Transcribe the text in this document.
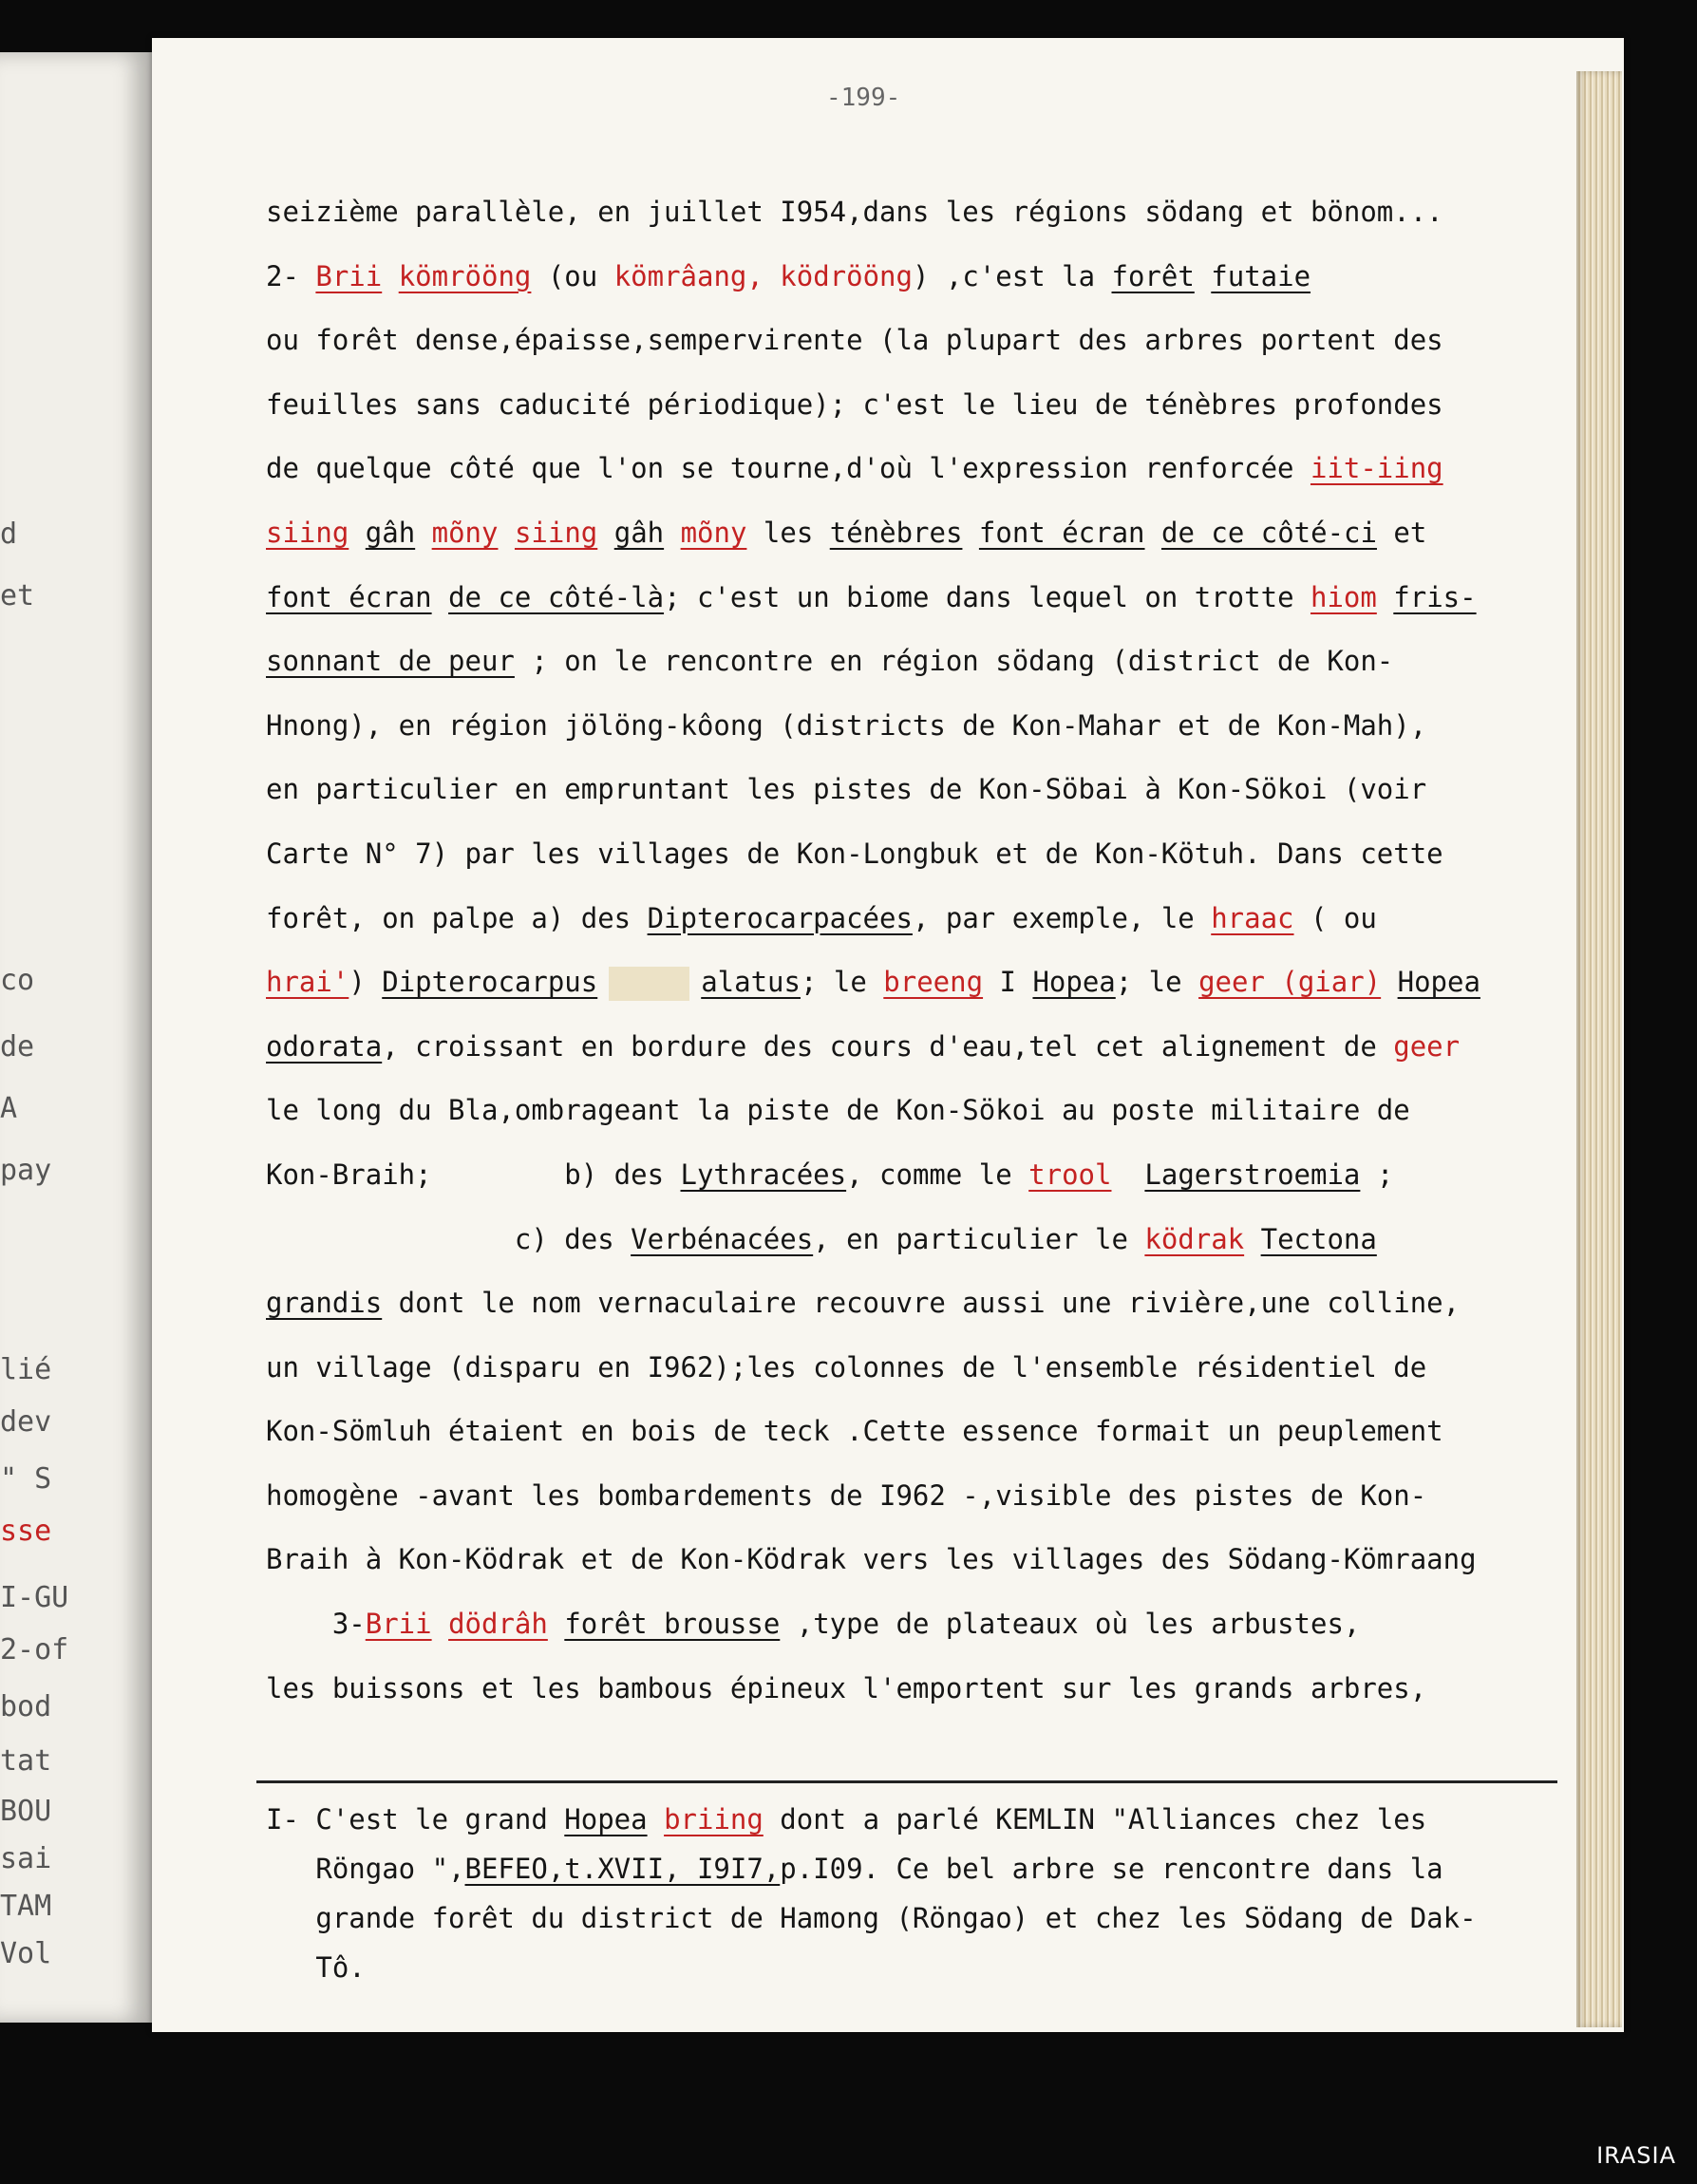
d
et
co
de
A
pay
lié
dev
" S
sse
I-GU
2-of
bod
tat
BOU
sai
TAM
Vol
-199-
seizième parallèle, en juillet I954,dans les régions södang et bönom...
2- Brii kömrööng (ou kömrâang, ködrööng) ,c'est la forêt futaie
ou forêt dense,épaisse,sempervirente (la plupart des arbres portent des
feuilles sans caducité périodique); c'est le lieu de ténèbres profondes
de quelque côté que l'on se tourne,d'où l'expression renforcée iit-iing
siing gâh mõny siing gâh mõny les ténèbres font écran de ce côté-ci et
font écran de ce côté-là; c'est un biome dans lequel on trotte hiom fris-
sonnant de peur ; on le rencontre en région södang (district de Kon-
Hnong), en région jölöng-kôong (districts de Kon-Mahar et de Kon-Mah),
en particulier en empruntant les pistes de Kon-Söbai à Kon-Sökoi (voir
Carte N° 7) par les villages de Kon-Longbuk et de Kon-Kötuh. Dans cette
forêt, on palpe a) des Dipterocarpacées, par exemple, le hraac ( ou
hrai') Dipterocarpus	alatus; le breeng I Hopea; le geer (giar) Hopea
odorata, croissant en bordure des cours d'eau,tel cet alignement de geer
le long du Bla,ombrageant la piste de Kon-Sökoi au poste militaire de
Kon-Braih;        b) des Lythracées, comme le trool Lagerstroemia ;
c) des Verbénacées, en particulier le ködrak Tectona
grandis dont le nom vernaculaire recouvre aussi une rivière,une colline,
un village (disparu en I962);les colonnes de l'ensemble résidentiel de
Kon-Sömluh étaient en bois de teck .Cette essence formait un peuplement
homogène -avant les bombardements de I962 -,visible des pistes de Kon-
Braih à Kon-Ködrak et de Kon-Ködrak vers les villages des Södang-Kömraang
3-Brii dödrâh forêt brousse ,type de plateaux où les arbustes,
les buissons et les bambous épineux l'emportent sur les grands arbres,
I- C'est le grand Hopea briing dont a parlé KEMLIN "Alliances chez les
Röngao ",BEFEO,t.XVII, I9I7,p.I09. Ce bel arbre se rencontre dans la
grande forêt du district de Hamong (Röngao) et chez les Södang de Dak-
Tô.
IRASIA
